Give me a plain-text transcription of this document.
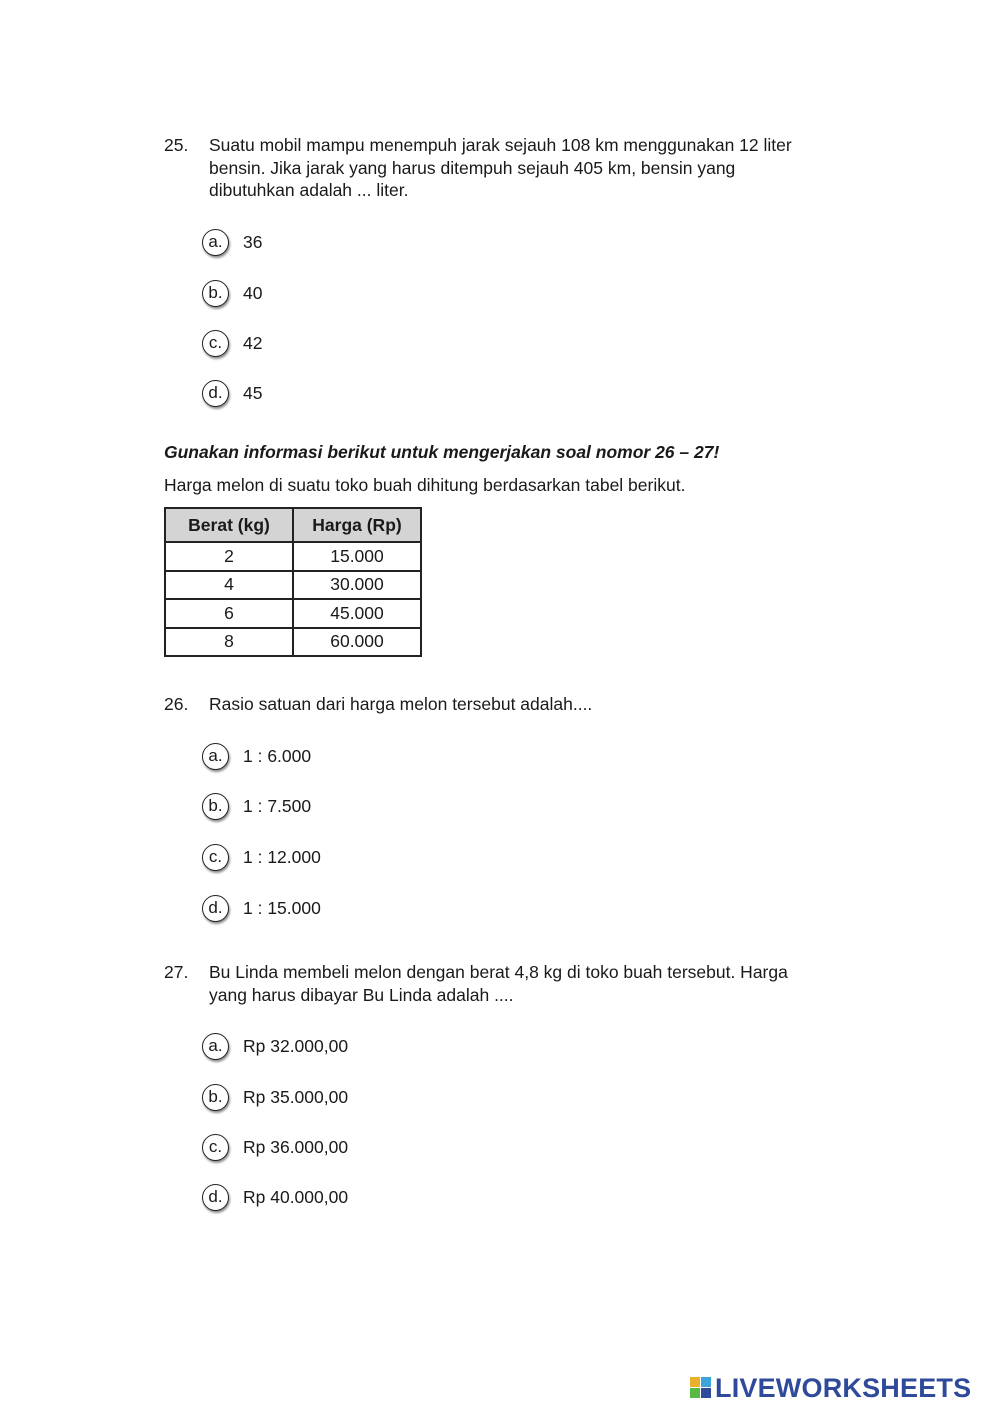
25. Suatu mobil mampu menempuh jarak sejauh 108 km menggunakan 12 liter
bensin. Jika jarak yang harus ditempuh sejauh 405 km, bensin yang
dibutuhkan adalah ... liter.
a.	36
b.	40
c.	42
d.	45
Gunakan informasi berikut untuk mengerjakan soal nomor 26 – 27!
Harga melon di suatu toko buah dihitung berdasarkan tabel berikut.
Berat (kg)	Harga (Rp)
2	15.000
4	30.000
6	45.000
8	60.000
26. Rasio satuan dari harga melon tersebut adalah....
a.	1 : 6.000
b.	1 : 7.500
c.	1 : 12.000
d.	1 : 15.000
27. Bu Linda membeli melon dengan berat 4,8 kg di toko buah tersebut. Harga
yang harus dibayar Bu Linda adalah ....
a.	Rp 32.000,00
b.	Rp 35.000,00
c.	Rp 36.000,00
d.	Rp 40.000,00
LIVEWORKSHEETS
